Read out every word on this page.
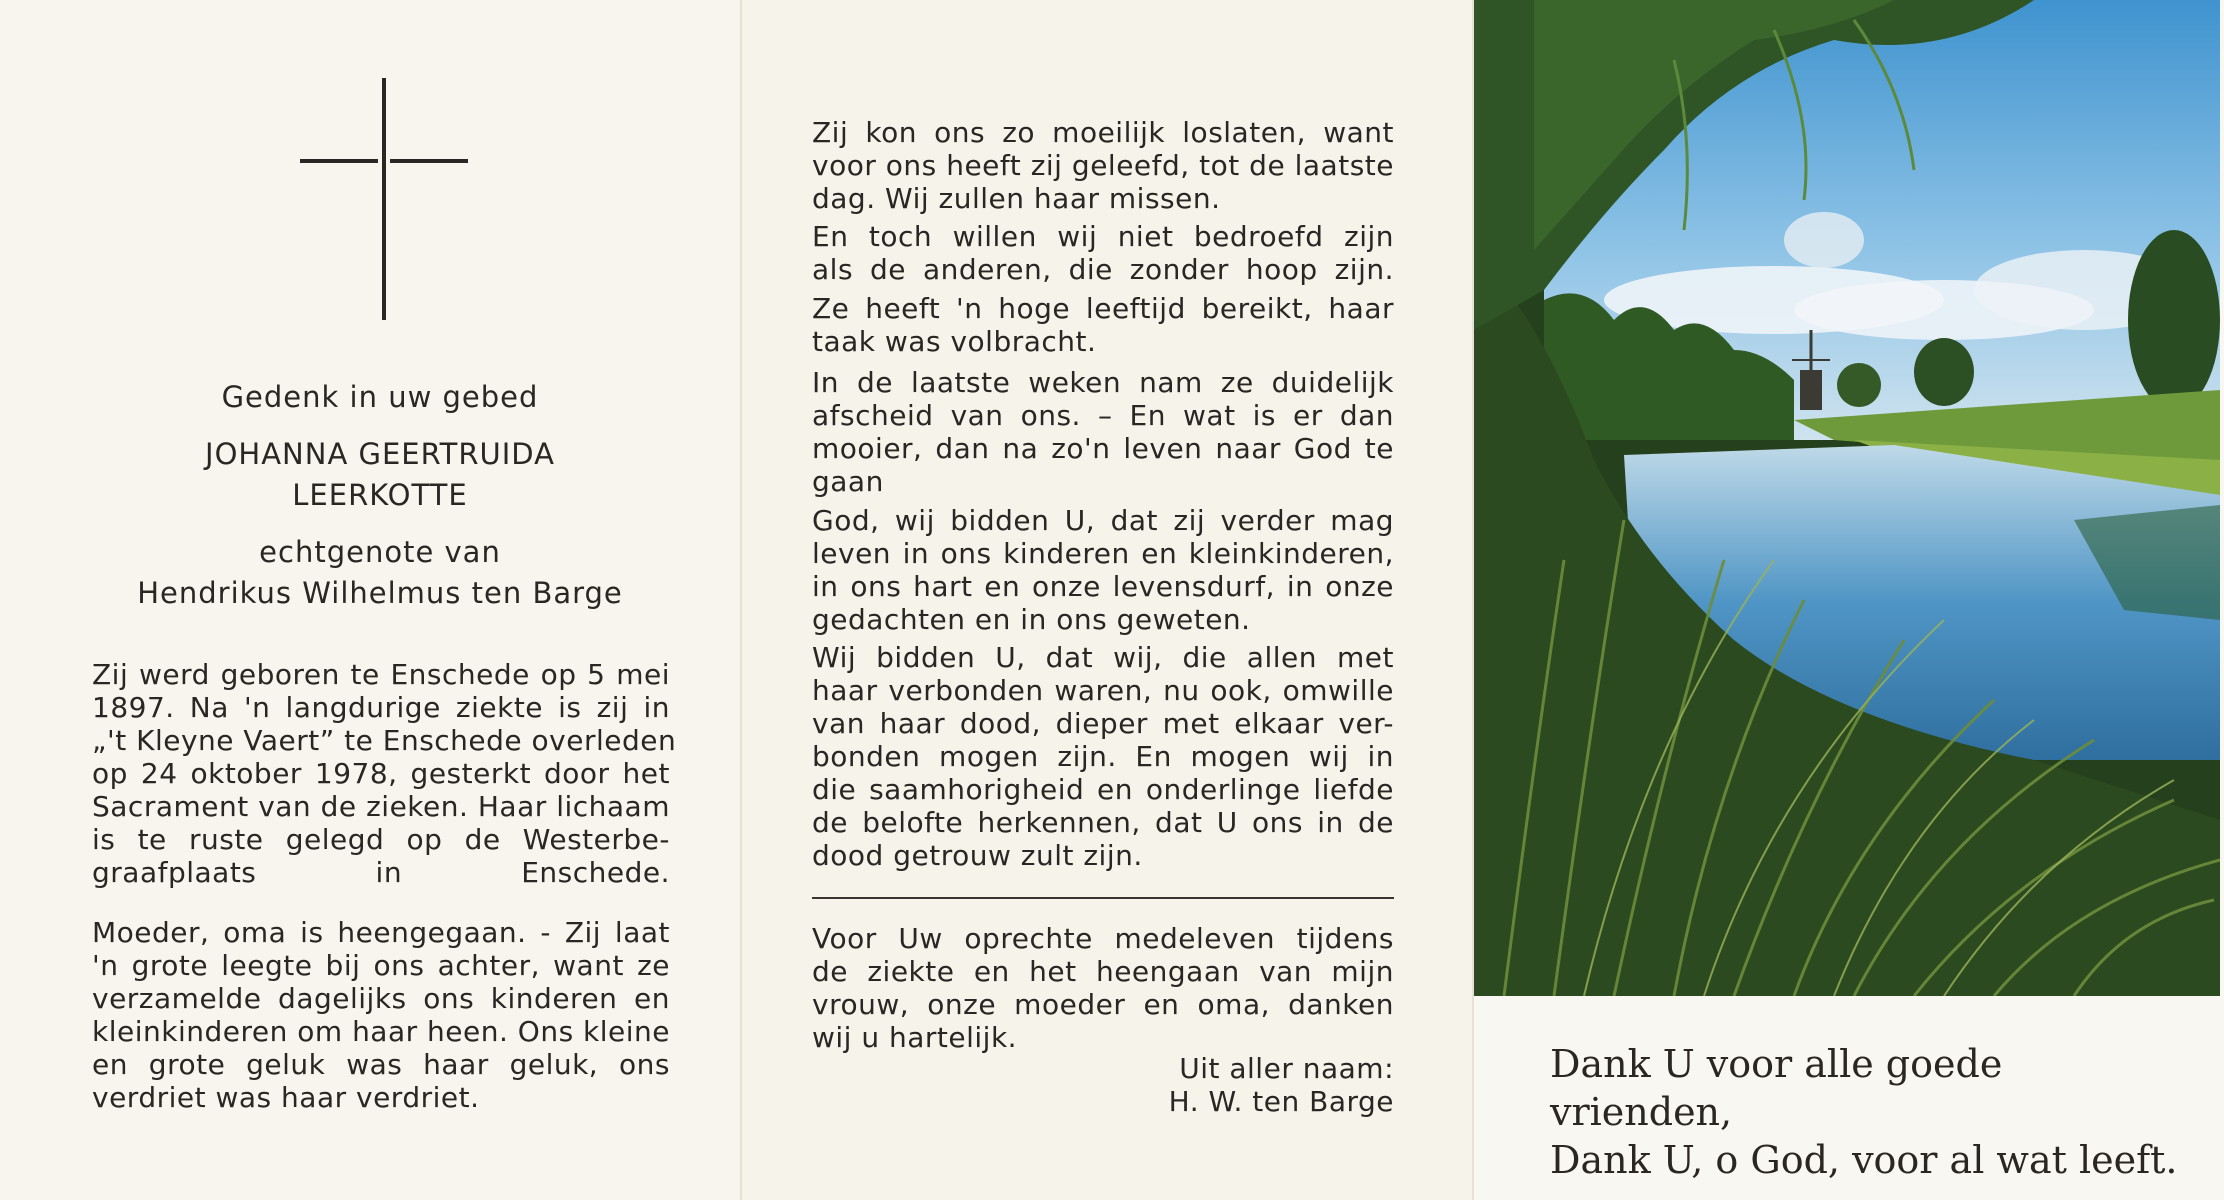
Gedenk in uw gebed
JOHANNA GEERTRUIDA
LEERKOTTE
echtgenote van
Hendrikus Wilhelmus ten Barge
Zij werd geboren te Enschede op 5 mei
1897. Na 'n langdurige ziekte is zij in
„'t Kleyne Vaert” te Enschede overleden
op 24 oktober 1978, gesterkt door het
Sacrament van de zieken. Haar lichaam
is te ruste gelegd op de Westerbe-
graafplaats in Enschede.
Moeder, oma is heengegaan. - Zij laat
'n grote leegte bij ons achter, want ze
verzamelde dagelijks ons kinderen en
kleinkinderen om haar heen. Ons kleine
en grote geluk was haar geluk, ons
verdriet was haar verdriet.
Zij kon ons zo moeilijk loslaten, want
voor ons heeft zij geleefd, tot de laatste
dag. Wij zullen haar missen.
En toch willen wij niet bedroefd zijn
als de anderen, die zonder hoop zijn.
Ze heeft 'n hoge leeftijd bereikt, haar
taak was volbracht.
In de laatste weken nam ze duidelijk
afscheid van ons. – En wat is er dan
mooier, dan na zo'n leven naar God te
gaan
God, wij bidden U, dat zij verder mag
leven in ons kinderen en kleinkinderen,
in ons hart en onze levensdurf, in onze
gedachten en in ons geweten.
Wij bidden U, dat wij, die allen met
haar verbonden waren, nu ook, omwille
van haar dood, dieper met elkaar ver-
bonden mogen zijn. En mogen wij in
die saamhorigheid en onderlinge liefde
de belofte herkennen, dat U ons in de
dood getrouw zult zijn.
Voor Uw oprechte medeleven tijdens
de ziekte en het heengaan van mijn
vrouw, onze moeder en oma, danken
wij u hartelijk.
Uit aller naam:
H. W. ten Barge
Dank U voor alle goede vrienden,
Dank U, o God, voor al wat leeft.
